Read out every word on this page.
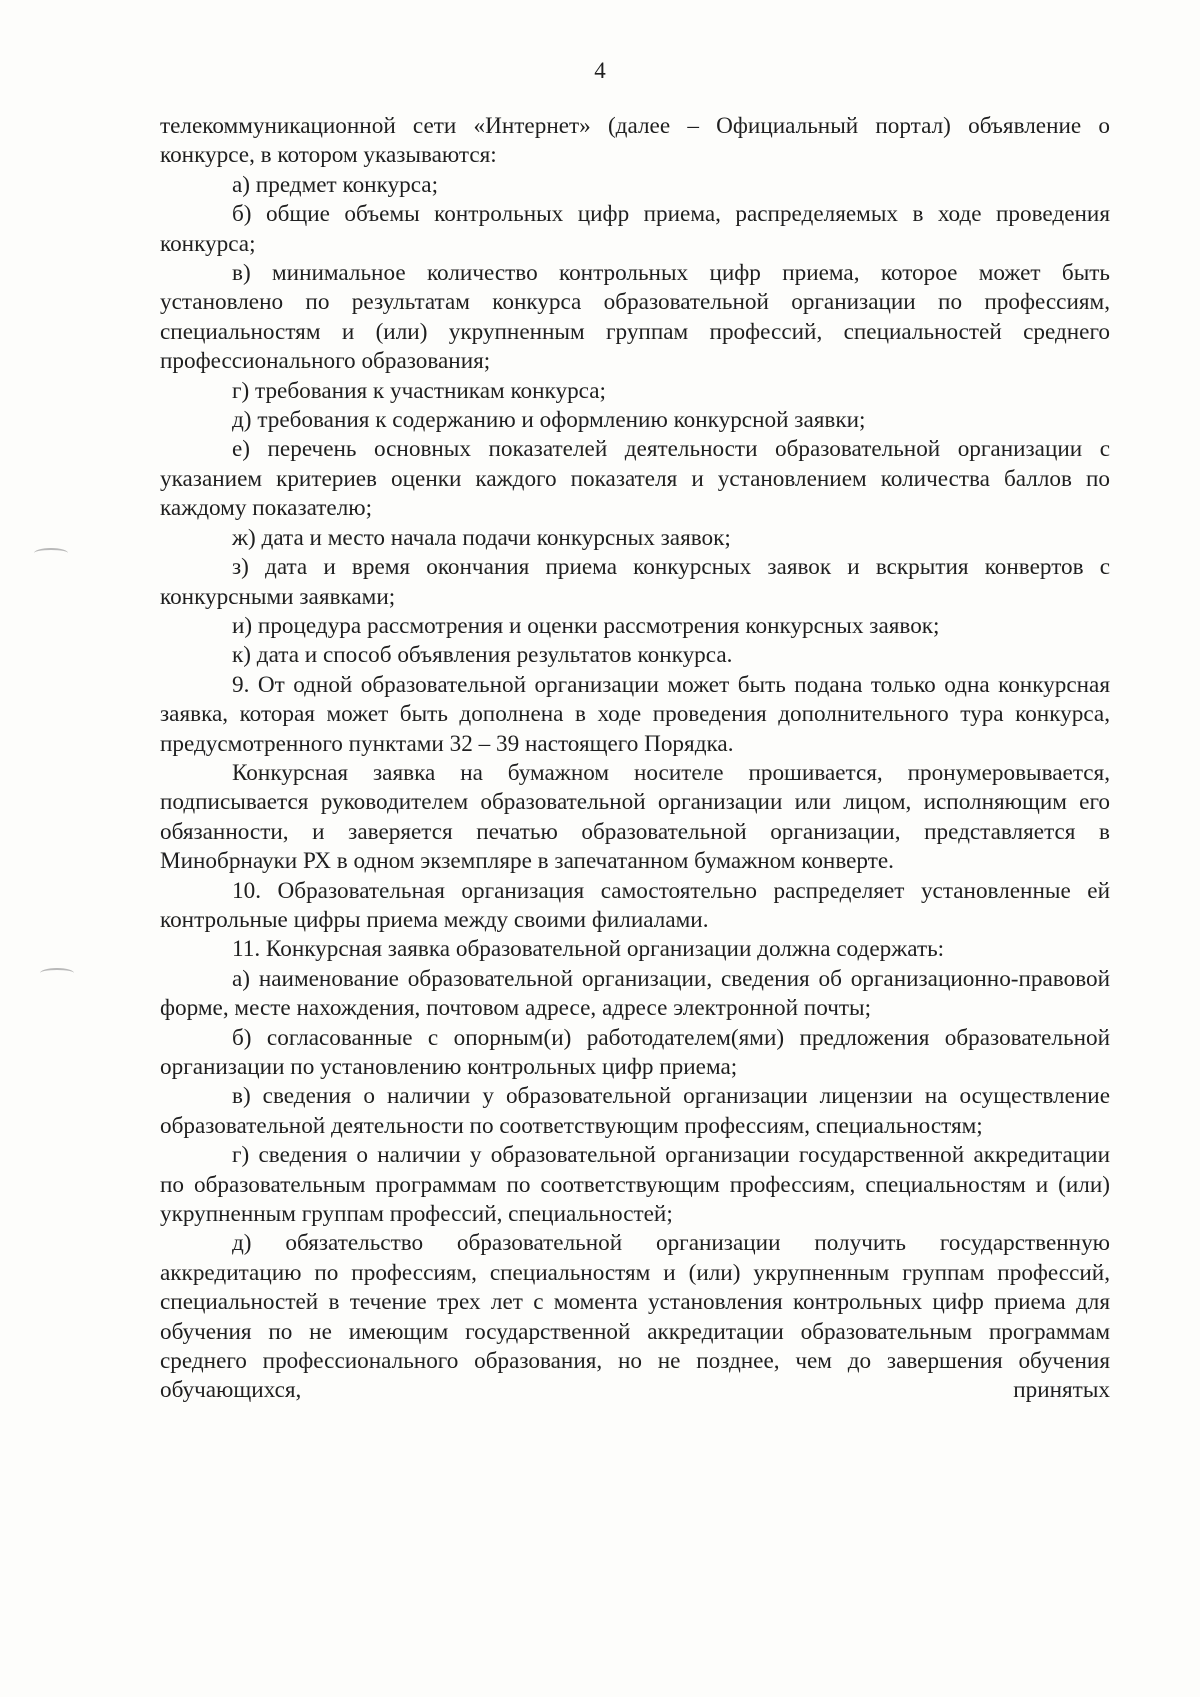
4

телекоммуникационной сети «Интернет» (далее – Официальный портал) объявление о конкурсе, в котором указываются:

а) предмет конкурса;

б) общие объемы контрольных цифр приема, распределяемых в ходе проведения конкурса;

в) минимальное количество контрольных цифр приема, которое может быть установлено по результатам конкурса образовательной организации по профессиям, специальностям и (или) укрупненным группам профессий, специальностей среднего профессионального образования;

г) требования к участникам конкурса;

д) требования к содержанию и оформлению конкурсной заявки;

е) перечень основных показателей деятельности образовательной организации с указанием критериев оценки каждого показателя и установлением количества баллов по каждому показателю;

ж) дата и место начала подачи конкурсных заявок;

з) дата и время окончания приема конкурсных заявок и вскрытия конвертов с конкурсными заявками;

и) процедура рассмотрения и оценки рассмотрения конкурсных заявок;

к) дата и способ объявления результатов конкурса.

9. От одной образовательной организации может быть подана только одна конкурсная заявка, которая может быть дополнена в ходе проведения дополнительного тура конкурса, предусмотренного пунктами 32 – 39 настоящего Порядка.

Конкурсная заявка на бумажном носителе прошивается, пронумеровывается, подписывается руководителем образовательной организации или лицом, исполняющим его обязанности, и заверяется печатью образовательной организации, представляется в Минобрнауки РХ в одном экземпляре в запечатанном бумажном конверте.

10. Образовательная организация самостоятельно распределяет установленные ей контрольные цифры приема между своими филиалами.

11. Конкурсная заявка образовательной организации должна содержать:

а) наименование образовательной организации, сведения об организационно-правовой форме, месте нахождения, почтовом адресе, адресе электронной почты;

б) согласованные с опорным(и) работодателем(ями) предложения образовательной организации по установлению контрольных цифр приема;

в) сведения о наличии у образовательной организации лицензии на осуществление образовательной деятельности по соответствующим профессиям, специальностям;

г) сведения о наличии у образовательной организации государственной аккредитации по образовательным программам по соответствующим профессиям, специальностям и (или) укрупненным группам профессий, специальностей;

д) обязательство образовательной организации получить государственную аккредитацию по профессиям, специальностям и (или) укрупненным группам профессий, специальностей в течение трех лет с момента установления контрольных цифр приема для обучения по не имеющим государственной аккредитации образовательным программам среднего профессионального образования, но не позднее, чем до завершения обучения обучающихся, принятых
